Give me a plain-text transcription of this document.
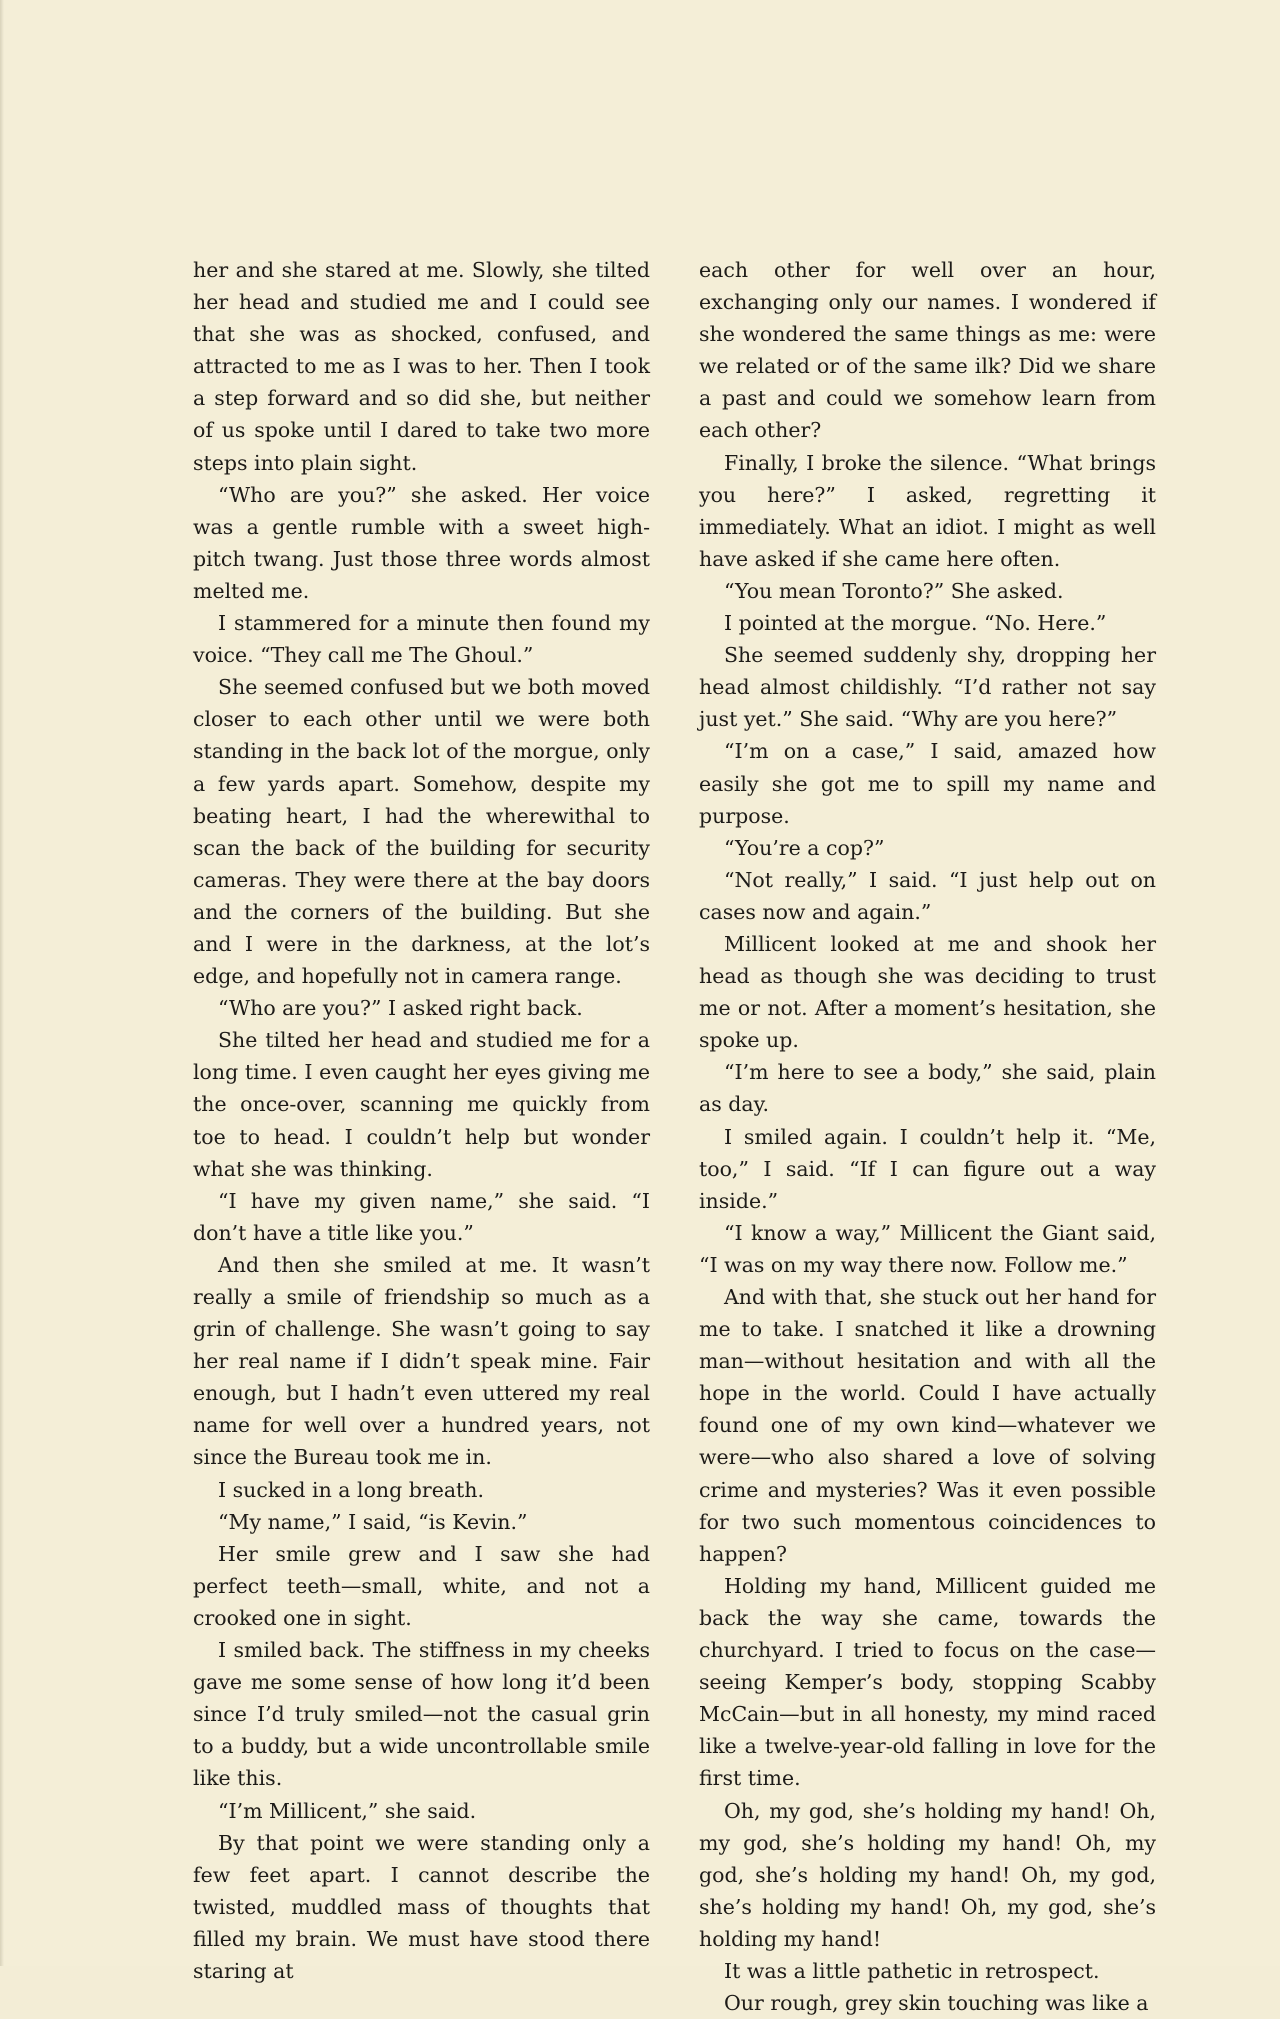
her and she stared at me. Slowly, she tilted her head and studied me and I could see that she was as shocked, confused, and attracted to me as I was to her. Then I took a step forward and so did she, but neither of us spoke until I dared to take two more steps into plain sight.

“Who are you?” she asked. Her voice was a gentle rumble with a sweet high-pitch twang. Just those three words almost melted me.

I stammered for a minute then found my voice. “They call me The Ghoul.”

She seemed confused but we both moved closer to each other until we were both standing in the back lot of the morgue, only a few yards apart. Somehow, despite my beating heart, I had the wherewithal to scan the back of the building for security cameras. They were there at the bay doors and the corners of the building. But she and I were in the darkness, at the lot’s edge, and hopefully not in camera range.

“Who are you?” I asked right back.

She tilted her head and studied me for a long time. I even caught her eyes giving me the once-over, scanning me quickly from toe to head. I couldn’t help but wonder what she was thinking.

“I have my given name,” she said. “I don’t have a title like you.”

And then she smiled at me. It wasn’t really a smile of friendship so much as a grin of challenge. She wasn’t going to say her real name if I didn’t speak mine. Fair enough, but I hadn’t even uttered my real name for well over a hundred years, not since the Bureau took me in.

I sucked in a long breath.

“My name,” I said, “is Kevin.”

Her smile grew and I saw she had perfect teeth—small, white, and not a crooked one in sight.

I smiled back. The stiffness in my cheeks gave me some sense of how long it’d been since I’d truly smiled—not the casual grin to a buddy, but a wide uncontrollable smile like this.

“I’m Millicent,” she said.

By that point we were standing only a few feet apart. I cannot describe the twisted, muddled mass of thoughts that filled my brain. We must have stood there staring at

each other for well over an hour, exchanging only our names. I wondered if she wondered the same things as me: were we related or of the same ilk? Did we share a past and could we somehow learn from each other?

Finally, I broke the silence. “What brings you here?” I asked, regretting it immediately. What an idiot. I might as well have asked if she came here often.

“You mean Toronto?” She asked.

I pointed at the morgue. “No. Here.”

She seemed suddenly shy, dropping her head almost childishly. “I’d rather not say just yet.” She said. “Why are you here?”

“I’m on a case,” I said, amazed how easily she got me to spill my name and purpose.

“You’re a cop?”

“Not really,” I said. “I just help out on cases now and again.”

Millicent looked at me and shook her head as though she was deciding to trust me or not. After a moment’s hesitation, she spoke up.

“I’m here to see a body,” she said, plain as day.

I smiled again. I couldn’t help it. “Me, too,” I said. “If I can figure out a way inside.”

“I know a way,” Millicent the Giant said, “I was on my way there now. Follow me.”

And with that, she stuck out her hand for me to take. I snatched it like a drowning man—without hesitation and with all the hope in the world. Could I have actually found one of my own kind—whatever we were—who also shared a love of solving crime and mysteries? Was it even possible for two such momentous coincidences to happen?

Holding my hand, Millicent guided me back the way she came, towards the churchyard. I tried to focus on the case—seeing Kemper’s body, stopping Scabby McCain—but in all honesty, my mind raced like a twelve-year-old falling in love for the first time.

Oh, my god, she’s holding my hand! Oh, my god, she’s holding my hand! Oh, my god, she’s holding my hand! Oh, my god, she’s holding my hand! Oh, my god, she’s holding my hand!

It was a little pathetic in retrospect.

Our rough, grey skin touching was like a
